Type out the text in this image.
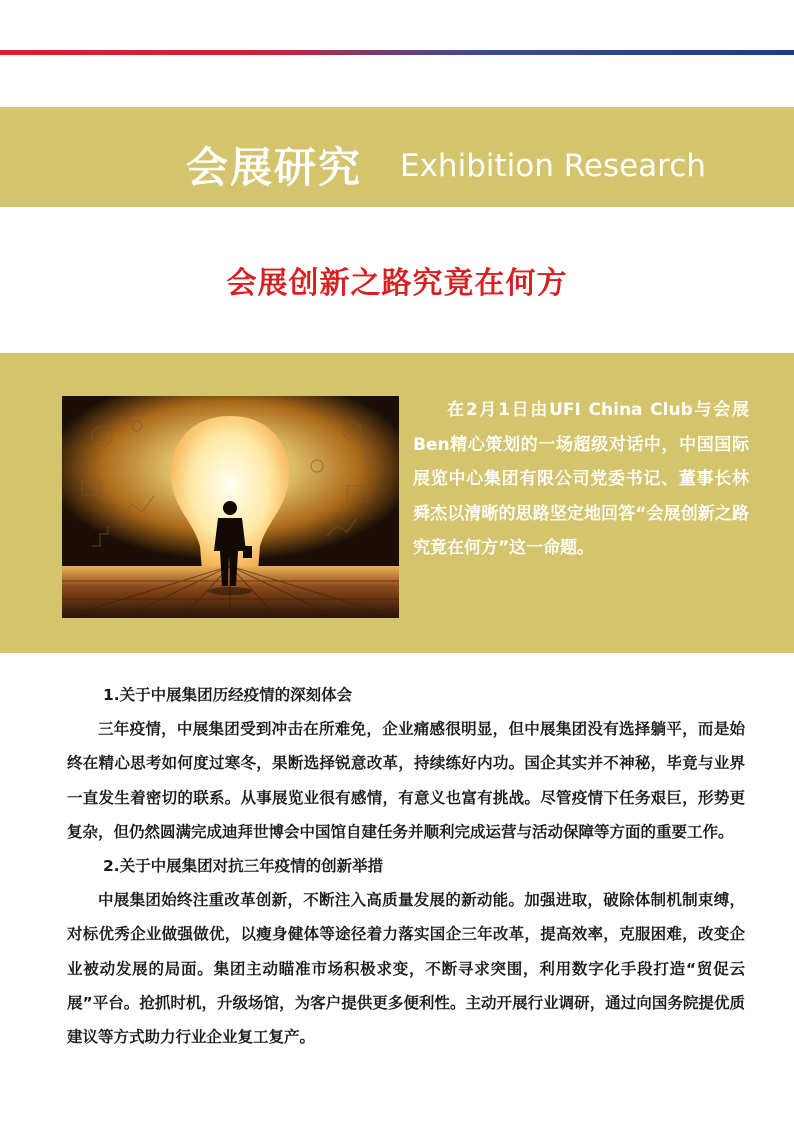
会展研究 Exhibition Research
会展创新之路究竟在何方
在2月1日由UFI China Club与会展Ben精心策划的一场超级对话中，中国国际展览中心集团有限公司党委书记、董事长林舜杰以清晰的思路坚定地回答“会展创新之路究竟在何方”这一命题。
1.关于中展集团历经疫情的深刻体会

三年疫情，中展集团受到冲击在所难免，企业痛感很明显，但中展集团没有选择躺平，而是始终在精心思考如何度过寒冬，果断选择锐意改革，持续练好内功。国企其实并不神秘，毕竟与业界一直发生着密切的联系。从事展览业很有感情，有意义也富有挑战。尽管疫情下任务艰巨，形势更复杂，但仍然圆满完成迪拜世博会中国馆自建任务并顺利完成运营与活动保障等方面的重要工作。

2.关于中展集团对抗三年疫情的创新举措

中展集团始终注重改革创新，不断注入高质量发展的新动能。加强进取，破除体制机制束缚，对标优秀企业做强做优，以瘦身健体等途径着力落实国企三年改革，提高效率，克服困难，改变企业被动发展的局面。集团主动瞄准市场积极求变，不断寻求突围，利用数字化手段打造“贸促云展”平台。抢抓时机，升级场馆，为客户提供更多便利性。主动开展行业调研，通过向国务院提优质建议等方式助力行业企业复工复产。
